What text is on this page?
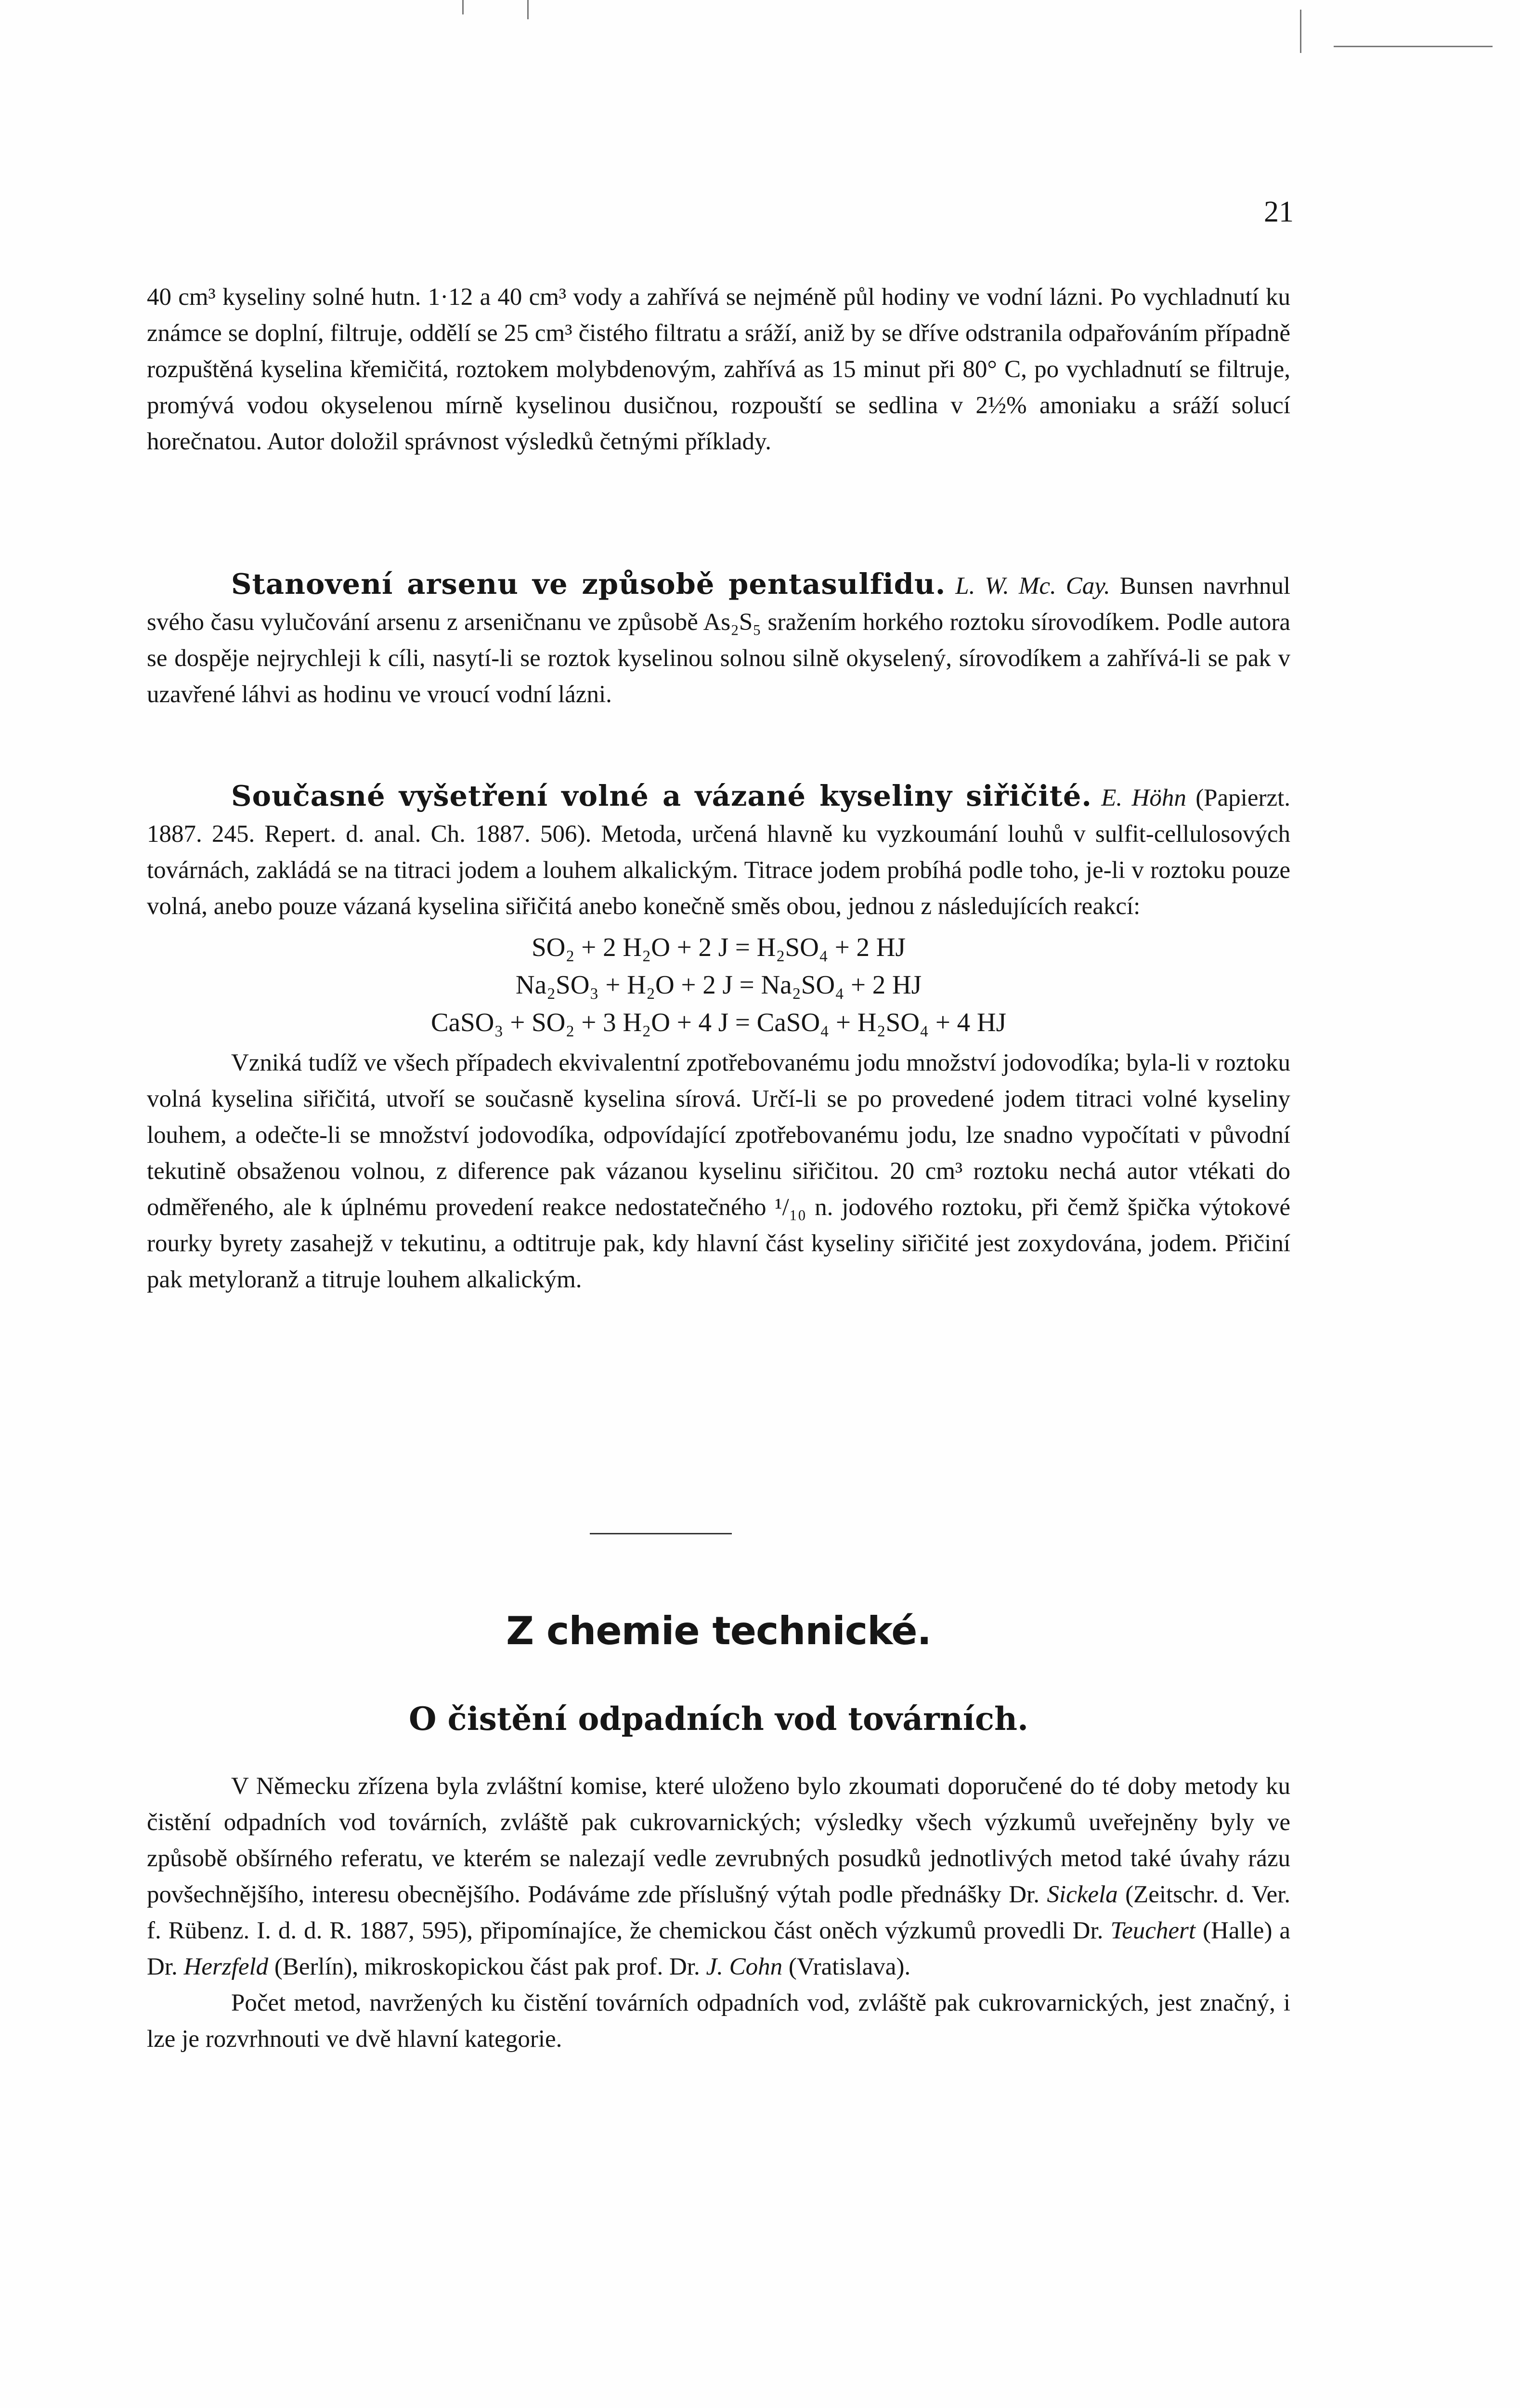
21

40 cm³ kyseliny solné hutn. 1·12 a 40 cm³ vody a zahřívá se nejméně půl hodiny ve vodní lázni. Po vychladnutí ku známce se doplní, filtruje, oddělí se 25 cm³ čistého filtratu a sráží, aniž by se dříve odstranila odpařováním případně rozpuštěná kyselina křemičitá, roztokem molybdenovým, zahřívá as 15 minut při 80° C, po vychladnutí se filtruje, promývá vodou okyselenou mírně kyselinou dusičnou, rozpouští se sedlina v 2½% amoniaku a sráží solucí horečnatou. Autor doložil správnost výsledků četnými příklady.

Stanovení arsenu ve způsobě pentasulfidu. L. W. Mc. Cay. Bunsen navrhnul svého času vylučování arsenu z arseničnanu ve způsobě As₂S₅ sražením horkého roztoku sírovodíkem. Podle autora se dospěje nejrychleji k cíli, nasytí-li se roztok kyselinou solnou silně okyselený, sírovodíkem a zahřívá-li se pak v uzavřené láhvi as hodinu ve vroucí vodní lázni.

Současné vyšetření volné a vázané kyseliny siřičité. E. Höhn (Papierzt. 1887. 245. Repert. d. anal. Ch. 1887. 506). Metoda, určená hlavně ku vyzkoumání louhů v sulfit-cellulosových továrnách, zakládá se na titraci jodem a louhem alkalickým. Titrace jodem probíhá podle toho, je-li v roztoku pouze volná, anebo pouze vázaná kyselina siřičitá anebo konečně směs obou, jednou z následujících reakcí:

SO₂ + 2 H₂O + 2 J = H₂SO₄ + 2 HJ

Na₂SO₃ + H₂O + 2 J = Na₂SO₄ + 2 HJ

CaSO₃ + SO₂ + 3 H₂O + 4 J = CaSO₄ + H₂SO₄ + 4 HJ

Vzniká tudíž ve všech případech ekvivalentní zpotřebovanému jodu množství jodovodíka; byla-li v roztoku volná kyselina siřičitá, utvoří se současně kyselina sírová. Určí-li se po provedené jodem titraci volné kyseliny louhem, a odečte-li se množství jodovodíka, odpovídající zpotřebovanému jodu, lze snadno vypočítati v původní tekutině obsaženou volnou, z diference pak vázanou kyselinu siřičitou. 20 cm³ roztoku nechá autor vtékati do odměřeného, ale k úplnému provedení reakce nedostatečného ¹/₁₀ n. jodového roztoku, při čemž špička výtokové rourky byrety zasahejž v tekutinu, a odtitruje pak, kdy hlavní část kyseliny siřičité jest zoxydována, jodem. Přičiní pak metyloranž a titruje louhem alkalickým.

Z chemie technické.
O čistění odpadních vod továrních.

V Německu zřízena byla zvláštní komise, které uloženo bylo zkoumati doporučené do té doby metody ku čistění odpadních vod továrních, zvláště pak cukrovarnických; výsledky všech výzkumů uveřejněny byly ve způsobě obšírného referatu, ve kterém se nalezají vedle zevrubných posudků jednotlivých metod také úvahy rázu povšechnějšího, interesu obecnějšího. Podáváme zde příslušný výtah podle přednášky Dr. Sickela (Zeitschr. d. Ver. f. Rübenz. I. d. d. R. 1887, 595), připomínajíce, že chemickou část oněch výzkumů provedli Dr. Teuchert (Halle) a Dr. Herzfeld (Berlín), mikroskopickou část pak prof. Dr. J. Cohn (Vratislava).

Počet metod, navržených ku čistění továrních odpadních vod, zvláště pak cukrovarnických, jest značný, i lze je rozvrhnouti ve dvě hlavní kategorie.
